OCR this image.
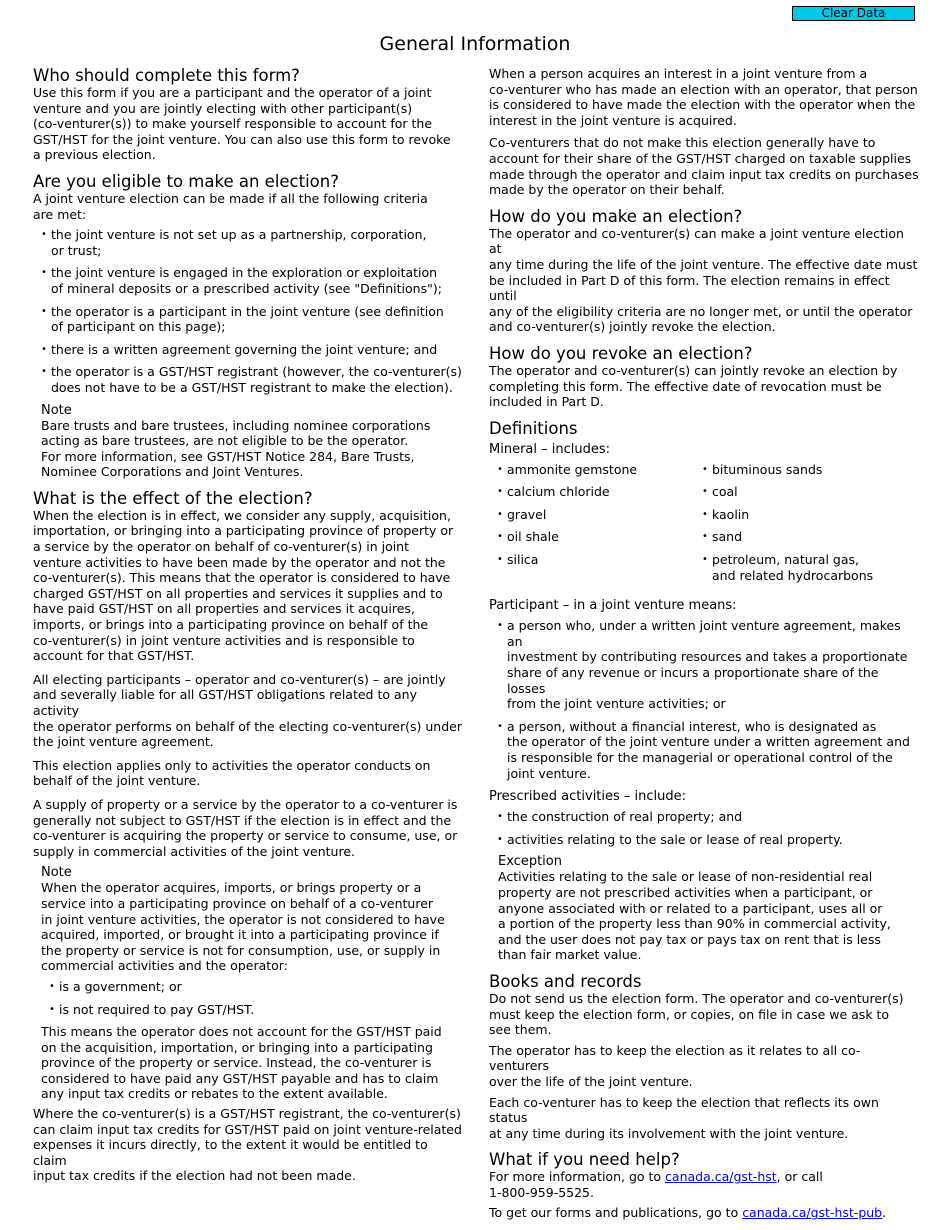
Clear Data
General Information
Who should complete this form?

Use this form if you are a participant and the operator of a joint
venture and you are jointly electing with other participant(s)
(co-venturer(s)) to make yourself responsible to account for the
GST/HST for the joint venture. You can also use this form to revoke
a previous election.

Are you eligible to make an election?

A joint venture election can be made if all the following criteria
are met:

• the joint venture is not set up as a partnership, corporation,
or trust;
• the joint venture is engaged in the exploration or exploitation
of mineral deposits or a prescribed activity (see "Definitions");
• the operator is a participant in the joint venture (see definition
of participant on this page);
• there is a written agreement governing the joint venture; and
• the operator is a GST/HST registrant (however, the co-venturer(s)
does not have to be a GST/HST registrant to make the election).
Note

Bare trusts and bare trustees, including nominee corporations
acting as bare trustees, are not eligible to be the operator.
For more information, see GST/HST Notice 284, Bare Trusts,
Nominee Corporations and Joint Ventures.

What is the effect of the election?

When the election is in effect, we consider any supply, acquisition,
importation, or bringing into a participating province of property or
a service by the operator on behalf of co-venturer(s) in joint
venture activities to have been made by the operator and not the
co-venturer(s). This means that the operator is considered to have
charged GST/HST on all properties and services it supplies and to
have paid GST/HST on all properties and services it acquires,
imports, or brings into a participating province on behalf of the
co-venturer(s) in joint venture activities and is responsible to
account for that GST/HST.

All electing participants – operator and co-venturer(s) – are jointly
and severally liable for all GST/HST obligations related to any activity
the operator performs on behalf of the electing co-venturer(s) under
the joint venture agreement.

This election applies only to activities the operator conducts on
behalf of the joint venture.

A supply of property or a service by the operator to a co-venturer is
generally not subject to GST/HST if the election is in effect and the
co-venturer is acquiring the property or service to consume, use, or
supply in commercial activities of the joint venture.

Note

When the operator acquires, imports, or brings property or a
service into a participating province on behalf of a co-venturer
in joint venture activities, the operator is not considered to have
acquired, imported, or brought it into a participating province if
the property or service is not for consumption, use, or supply in
commercial activities and the operator:

• is a government; or
• is not required to pay GST/HST.

This means the operator does not account for the GST/HST paid
on the acquisition, importation, or bringing into a participating
province of the property or service. Instead, the co-venturer is
considered to have paid any GST/HST payable and has to claim
any input tax credits or rebates to the extent available.

Where the co-venturer(s) is a GST/HST registrant, the co-venturer(s)
can claim input tax credits for GST/HST paid on joint venture-related
expenses it incurs directly, to the extent it would be entitled to claim
input tax credits if the election had not been made.

When a person acquires an interest in a joint venture from a
co-venturer who has made an election with an operator, that person
is considered to have made the election with the operator when the
interest in the joint venture is acquired.

Co-venturers that do not make this election generally have to
account for their share of the GST/HST charged on taxable supplies
made through the operator and claim input tax credits on purchases
made by the operator on their behalf.

How do you make an election?

The operator and co-venturer(s) can make a joint venture election at
any time during the life of the joint venture. The effective date must
be included in Part D of this form. The election remains in effect until
any of the eligibility criteria are no longer met, or until the operator
and co-venturer(s) jointly revoke the election.

How do you revoke an election?

The operator and co-venturer(s) can jointly revoke an election by
completing this form. The effective date of revocation must be
included in Part D.

Definitions
Mineral – includes:
• ammonite gemstone
• calcium chloride
• gravel
• oil shale
• silica
• bituminous sands
• coal
• kaolin
• sand
• petroleum, natural gas,
and related hydrocarbons
Participant – in a joint venture means:
• a person who, under a written joint venture agreement, makes an
investment by contributing resources and takes a proportionate
share of any revenue or incurs a proportionate share of the losses
from the joint venture activities; or
• a person, without a financial interest, who is designated as
the operator of the joint venture under a written agreement and
is responsible for the managerial or operational control of the
joint venture.
Prescribed activities – include:
• the construction of real property; and
• activities relating to the sale or lease of real property.
Exception

Activities relating to the sale or lease of non-residential real
property are not prescribed activities when a participant, or
anyone associated with or related to a participant, uses all or
a portion of the property less than 90% in commercial activity,
and the user does not pay tax or pays tax on rent that is less
than fair market value.

Books and records

Do not send us the election form. The operator and co-venturer(s)
must keep the election form, or copies, on file in case we ask to
see them.

The operator has to keep the election as it relates to all co-venturers
over the life of the joint venture.

Each co-venturer has to keep the election that reflects its own status
at any time during its involvement with the joint venture.

What if you need help?

For more information, go to canada.ca/gst-hst, or call
1-800-959-5525.

To get our forms and publications, go to canada.ca/gst-hst-pub.
